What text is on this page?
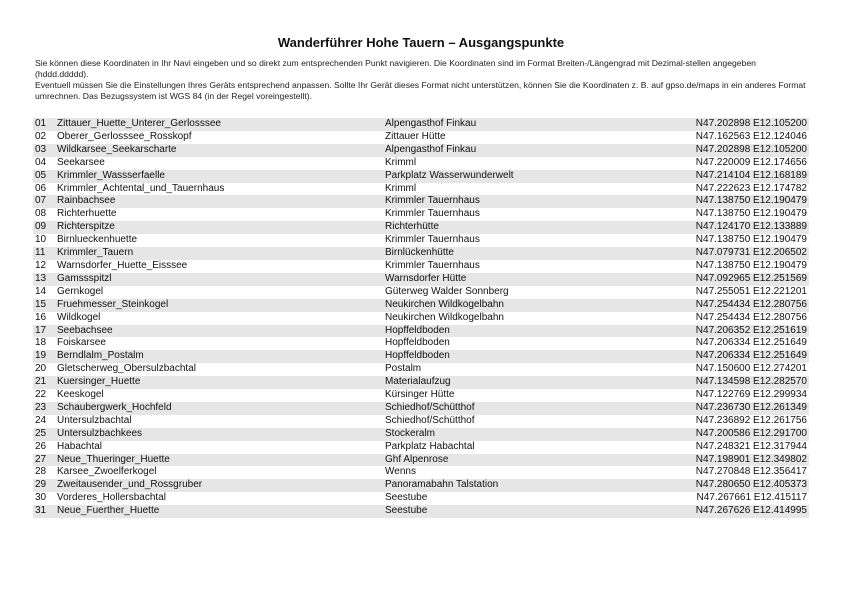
Wanderführer Hohe Tauern – Ausgangspunkte

Sie können diese Koordinaten in Ihr Navi eingeben und so direkt zum entsprechenden Punkt navigieren. Die Koordinaten sind im Format Breiten-/Längengrad mit Dezimal-stellen angegeben (hddd.ddddd).

Eventuell müssen Sie die Einstellungen Ihres Geräts entsprechend anpassen. Sollte Ihr Gerät dieses Format nicht unterstützen, können Sie die Koordinaten z. B. auf gpso.de/maps in ein anderes Format umrechnen. Das Bezugssystem ist WGS 84 (in der Regel voreingestellt).

01	Zittauer_Huette_Unterer_Gerlosssee	Alpengasthof Finkau	N47.202898 E12.105200
02	Oberer_Gerlosssee_Rosskopf	Zittauer Hütte	N47.162563 E12.124046
03	Wildkarsee_Seekarscharte	Alpengasthof Finkau	N47.202898 E12.105200
04	Seekarsee	Krimml	N47.220009 E12.174656
05	Krimmler_Wassserfaelle	Parkplatz Wasserwunderwelt	N47.214104 E12.168189
06	Krimmler_Achtental_und_Tauernhaus	Krimml	N47.222623 E12.174782
07	Rainbachsee	Krimmler Tauernhaus	N47.138750 E12.190479
08	Richterhuette	Krimmler Tauernhaus	N47.138750 E12.190479
09	Richterspitze	Richterhütte	N47.124170 E12.133889
10	Birnlueckenhuette	Krimmler Tauernhaus	N47.138750 E12.190479
11	Krimmler_Tauern	Birnlückenhütte	N47.079731 E12.206502
12	Warnsdorfer_Huette_Eisssee	Krimmler Tauernhaus	N47.138750 E12.190479
13	Gamssspitzl	Warnsdorfer Hütte	N47.092965 E12.251569
14	Gernkogel	Güterweg Walder Sonnberg	N47.255051 E12.221201
15	Fruehmesser_Steinkogel	Neukirchen Wildkogelbahn	N47.254434 E12.280756
16	Wildkogel	Neukirchen Wildkogelbahn	N47.254434 E12.280756
17	Seebachsee	Hopffeldboden	N47.206352 E12.251619
18	Foiskarsee	Hopffeldboden	N47.206334 E12.251649
19	Berndlalm_Postalm	Hopffeldboden	N47.206334 E12.251649
20	Gletscherweg_Obersulzbachtal	Postalm	N47.150600 E12.274201
21	Kuersinger_Huette	Materialaufzug	N47.134598 E12.282570
22	Keeskogel	Kürsinger Hütte	N47.122769 E12.299934
23	Schaubergwerk_Hochfeld	Schiedhof/Schütthof	N47.236730 E12.261349
24	Untersulzbachtal	Schiedhof/Schütthof	N47.236892 E12.261756
25	Untersulzbachkees	Stockeralm	N47.200586 E12.291700
26	Habachtal	Parkplatz Habachtal	N47.248321 E12.317944
27	Neue_Thueringer_Huette	Ghf Alpenrose	N47.198901 E12.349802
28	Karsee_Zwoelferkogel	Wenns	N47.270848 E12.356417
29	Zweitausender_und_Rossgruber	Panoramabahn Talstation	N47.280650 E12.405373
30	Vorderes_Hollersbachtal	Seestube	N47.267661 E12.415117
31	Neue_Fuerther_Huette	Seestube	N47.267626 E12.414995
